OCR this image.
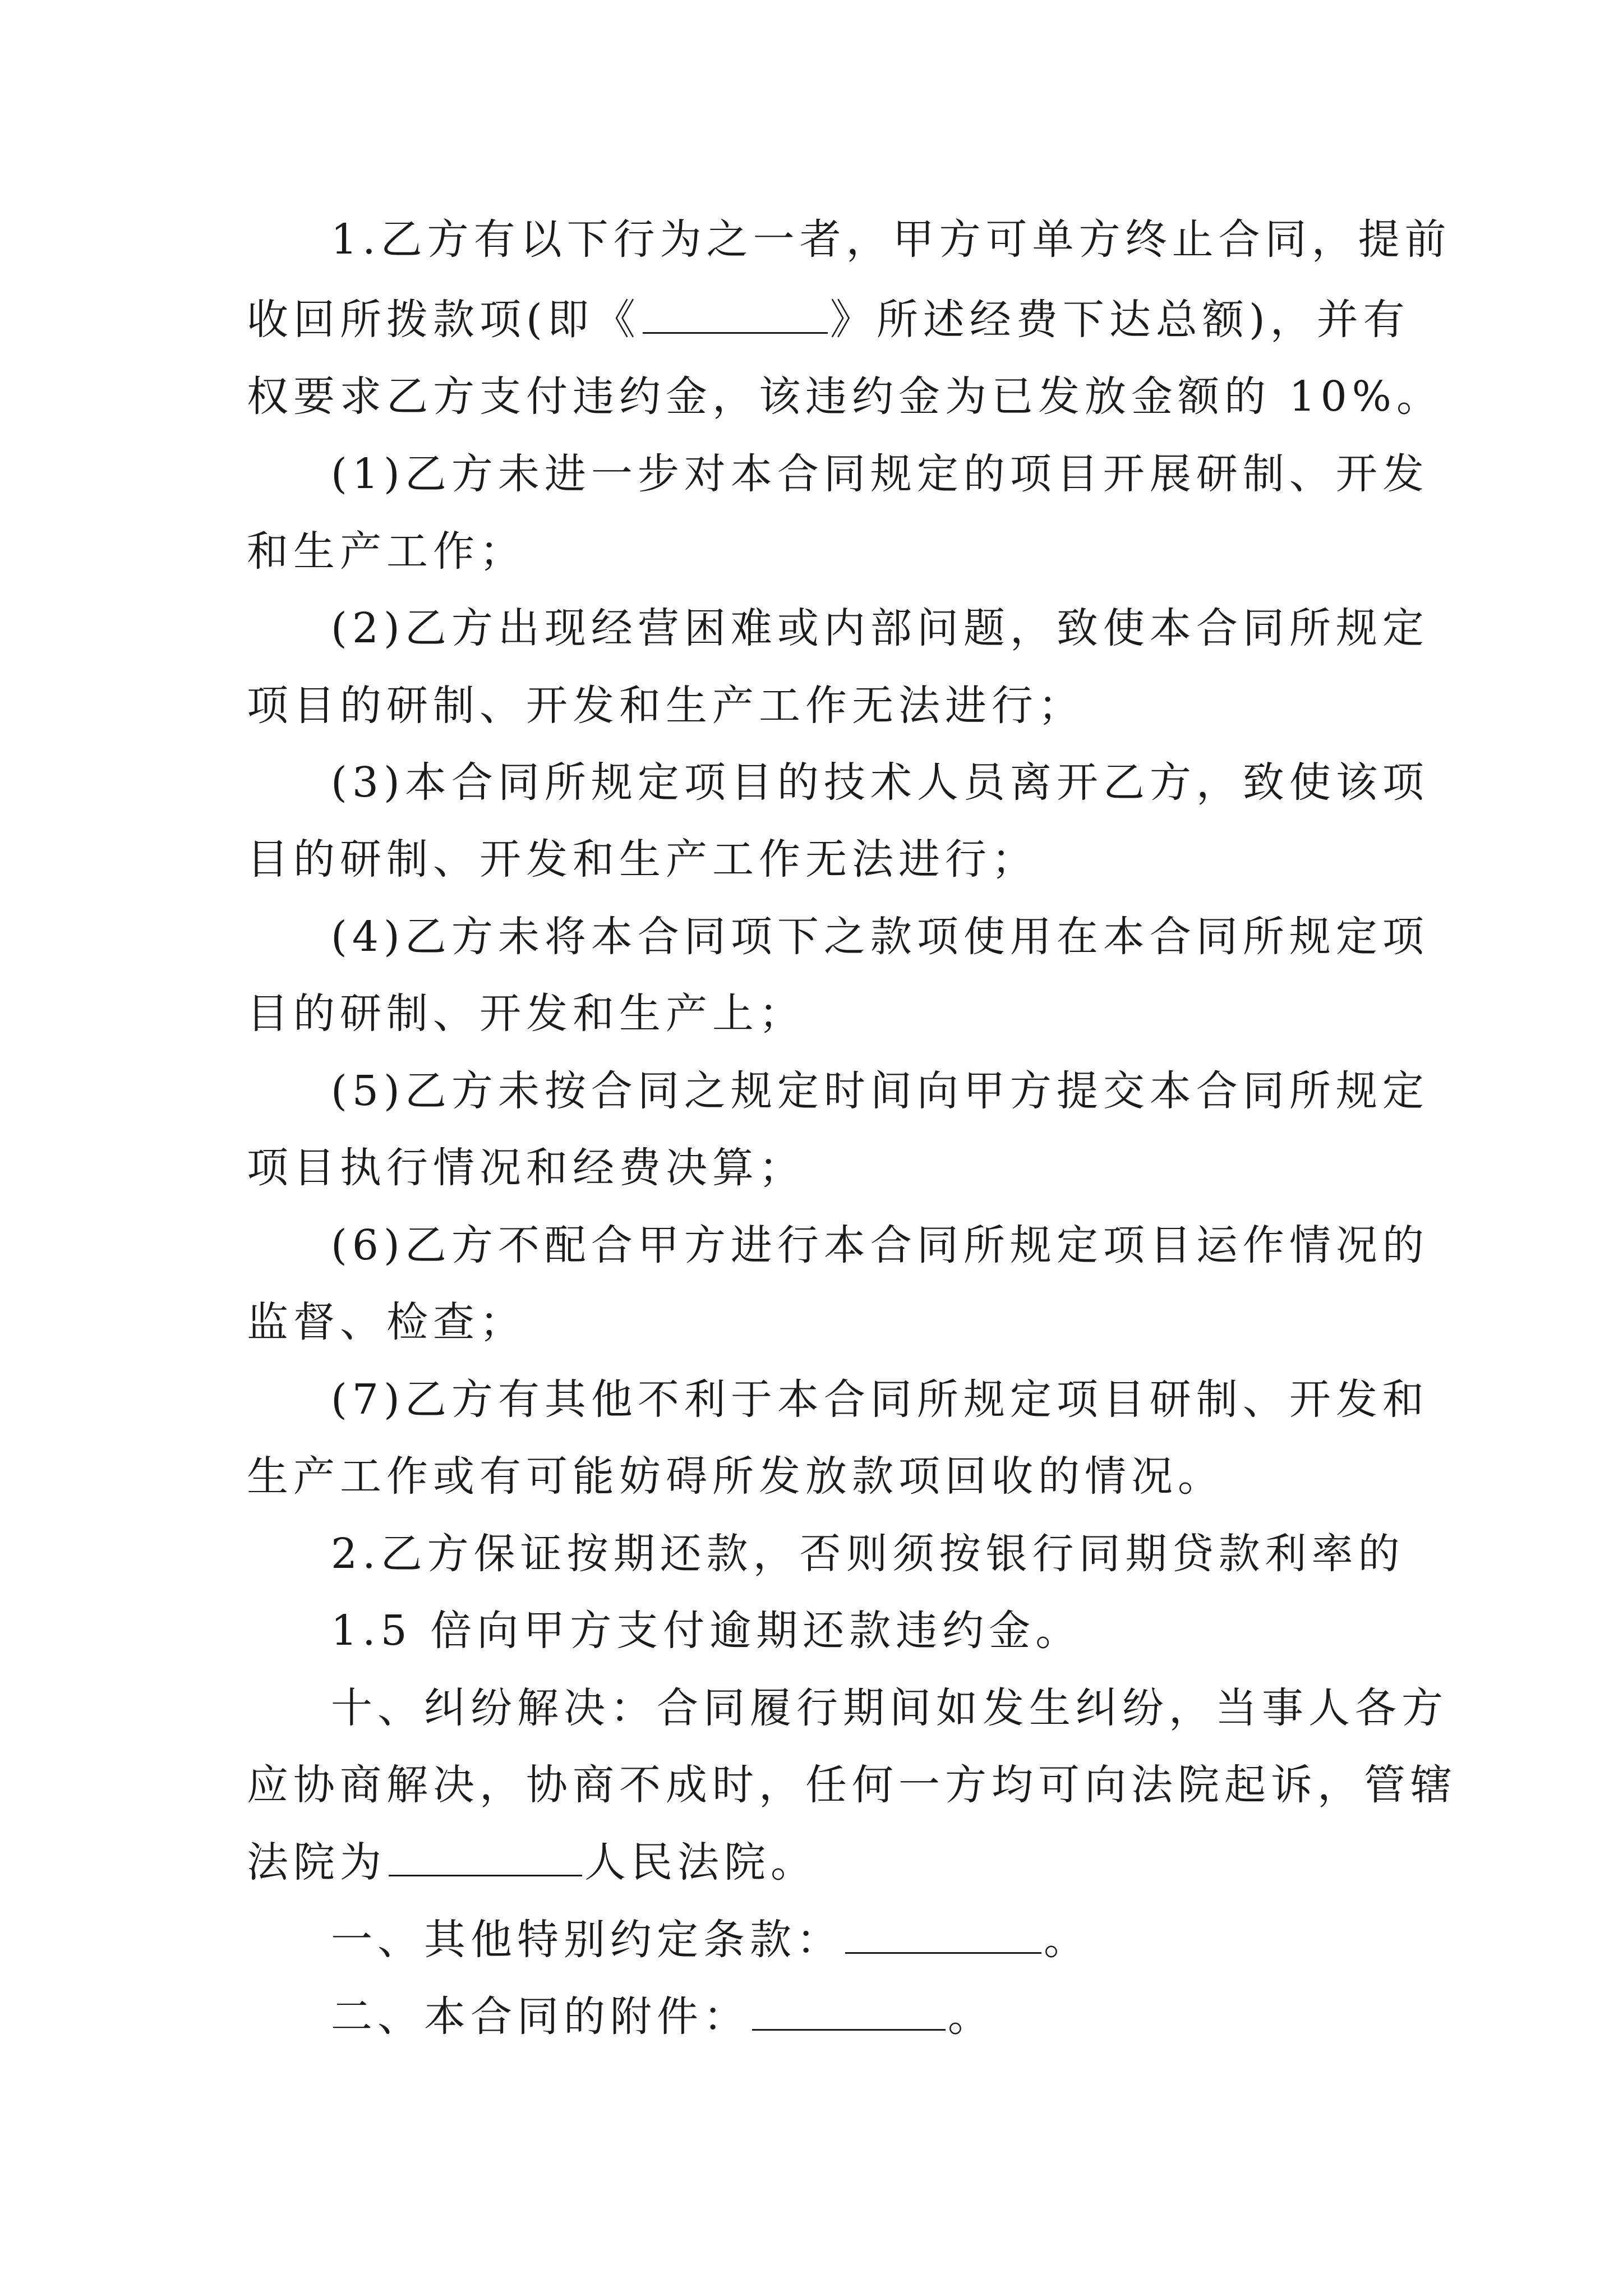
1.乙方有以下行为之一者，甲方可单方终止合同，提前
收回所拨款项(即《	》所述经费下达总额)，并有
权要求乙方支付违约金，该违约金为已发放金额的 10%。
(1)乙方未进一步对本合同规定的项目开展研制、开发
和生产工作；
(2)乙方出现经营困难或内部问题，致使本合同所规定
项目的研制、开发和生产工作无法进行；
(3)本合同所规定项目的技术人员离开乙方，致使该项
目的研制、开发和生产工作无法进行；
(4)乙方未将本合同项下之款项使用在本合同所规定项
目的研制、开发和生产上；
(5)乙方未按合同之规定时间向甲方提交本合同所规定
项目执行情况和经费决算；
(6)乙方不配合甲方进行本合同所规定项目运作情况的
监督、检查；
(7)乙方有其他不利于本合同所规定项目研制、开发和
生产工作或有可能妨碍所发放款项回收的情况。
2.乙方保证按期还款，否则须按银行同期贷款利率的
1.5 倍向甲方支付逾期还款违约金。
十、纠纷解决：合同履行期间如发生纠纷，当事人各方
应协商解决，协商不成时，任何一方均可向法院起诉，管辖
法院为	人民法院。
一、其他特别约定条款：	。
二、本合同的附件：	。
